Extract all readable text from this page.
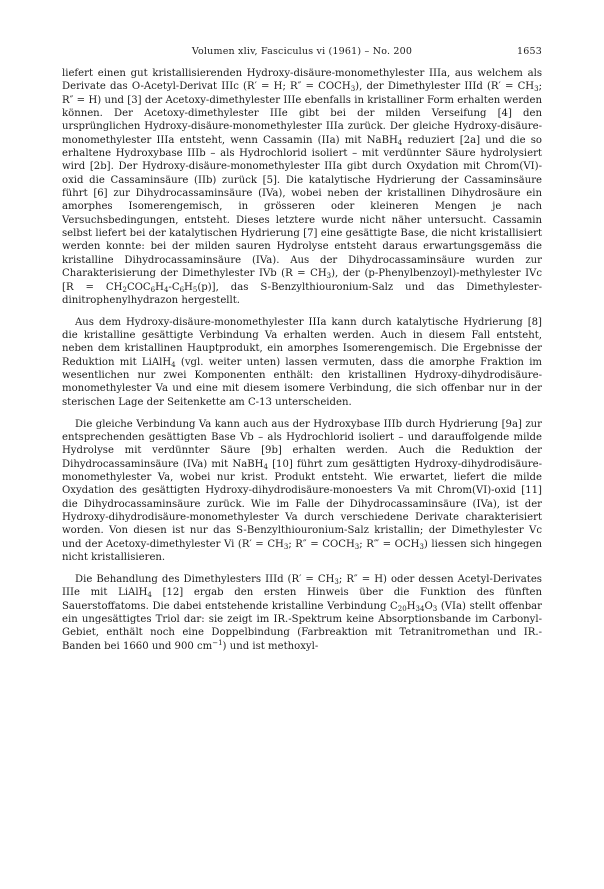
Volumen xliv, Fasciculus vi (1961) – No. 200	1653

liefert einen gut kristallisierenden Hydroxy-disäure-monomethylester IIIa, aus welchem als Derivate das O-Acetyl-Derivat IIIc (R′ = H; $R'' = COCH_3$), der Dimethylester IIId ($R' = CH_3$; R″ = H) und [3] der Acetoxy-dimethylester IIIe ebenfalls in kristalliner Form erhalten werden können. Der Acetoxy-dimethylester IIIe gibt bei der milden Verseifung [4] den ursprünglichen Hydroxy-disäure-monomethylester IIIa zurück. Der gleiche Hydroxy-disäure-monomethylester IIIa entsteht, wenn Cassamin (IIa) mit NaBH$_4$ reduziert [2a] und die so erhaltene Hydroxybase IIIb – als Hydrochlorid isoliert – mit verdünnter Säure hydrolysiert wird [2b]. Der Hydroxy-disäure-monomethylester IIIa gibt durch Oxydation mit Chrom(VI)-oxid die Cassaminsäure (IIb) zurück [5]. Die katalytische Hydrierung der Cassaminsäure führt [6] zur Dihydrocassaminsäure (IVa), wobei neben der kristallinen Dihydrosäure ein amorphes Isomerengemisch, in grösseren oder kleineren Mengen je nach Versuchsbedingungen, entsteht. Dieses letztere wurde nicht näher untersucht. Cassamin selbst liefert bei der katalytischen Hydrierung [7] eine gesättigte Base, die nicht kristallisiert werden konnte: bei der milden sauren Hydrolyse entsteht daraus erwartungsgemäss die kristalline Dihydrocassaminsäure (IVa). Aus der Dihydrocassaminsäure wurden zur Charakterisierung der Dimethylester IVb $(R = CH_3)$, der (p-Phenylbenzoyl)-methylester IVc $[R = CH_2COC_6H_4-C_6H_5(p)]$, das S-Benzylthiouronium-Salz und das Dimethylester-dinitrophenylhydrazon hergestellt.

Aus dem Hydroxy-disäure-monomethylester IIIa kann durch katalytische Hydrierung [8] die kristalline gesättigte Verbindung Va erhalten werden. Auch in diesem Fall entsteht, neben dem kristallinen Hauptprodukt, ein amorphes Isomerengemisch. Die Ergebnisse der Reduktion mit LiAlH$_4$ (vgl. weiter unten) lassen vermuten, dass die amorphe Fraktion im wesentlichen nur zwei Komponenten enthält: den kristallinen Hydroxy-dihydrodisäure-monomethylester Va und eine mit diesem isomere Verbindung, die sich offenbar nur in der sterischen Lage der Seitenkette am C-13 unterscheiden.

Die gleiche Verbindung Va kann auch aus der Hydroxybase IIIb durch Hydrierung [9a] zur entsprechenden gesättigten Base Vb – als Hydrochlorid isoliert – und darauffolgende milde Hydrolyse mit verdünnter Säure [9b] erhalten werden. Auch die Reduktion der Dihydrocassaminsäure (IVa) mit NaBH$_4$ [10] führt zum gesättigten Hydroxy-dihydrodisäure-monomethylester Va, wobei nur krist. Produkt entsteht. Wie erwartet, liefert die milde Oxydation des gesättigten Hydroxy-dihydrodisäure-monoesters Va mit Chrom(VI)-oxid [11] die Dihydrocassaminsäure zurück. Wie im Falle der Dihydrocassaminsäure (IVa), ist der Hydroxy-dihydrodisäure-monomethylester Va durch verschiedene Derivate charakterisiert worden. Von diesen ist nur das S-Benzylthiouronium-Salz kristallin; der Dimethylester Vc und der Acetoxy-dimethylester Vi ($R' = CH_3$; $R'' = COCH_3$; R‴ = $OCH_3$) liessen sich hingegen nicht kristallisieren.

Die Behandlung des Dimethylesters IIId ($R' = CH_3$; R″ = H) oder dessen Acetyl-Derivates IIIe mit LiAlH$_4$ [12] ergab den ersten Hinweis über die Funktion des fünften Sauerstoffatoms. Die dabei entstehende kristalline Verbindung $C_{20}H_{34}O_3$ (VIa) stellt offenbar ein ungesättigtes Triol dar: sie zeigt im IR.-Spektrum keine Absorptionsbande im Carbonyl-Gebiet, enthält noch eine Doppelbindung (Farbreaktion mit Tetranitromethan und IR.-Banden bei 1660 und 900 $cm^{-1}$) und ist methoxyl-
